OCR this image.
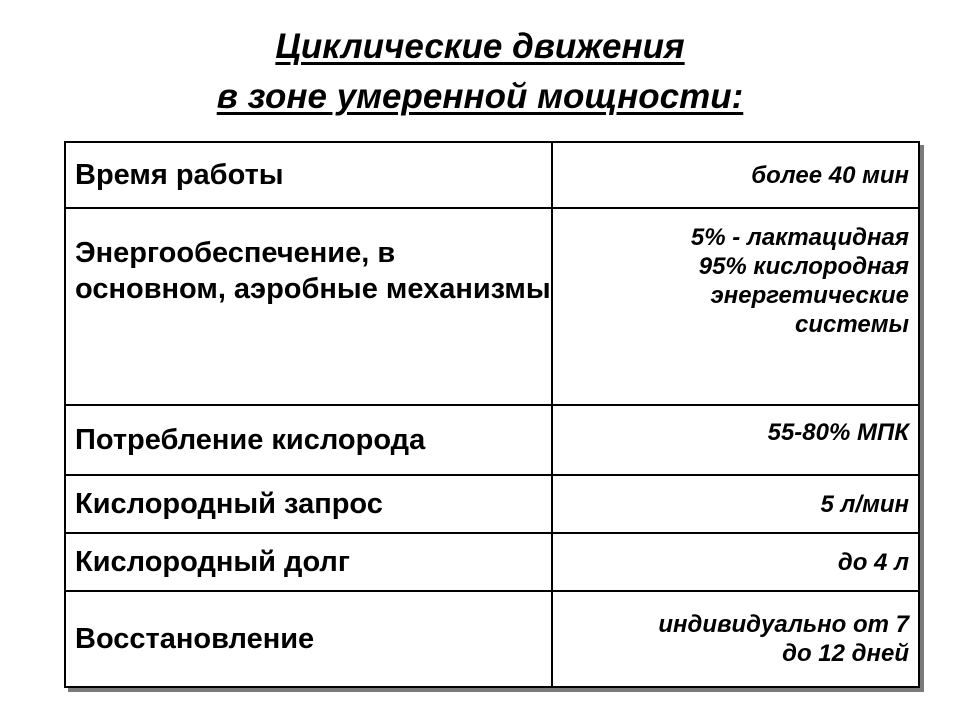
Циклические движения
в зоне умеренной мощности:
Время работы	более 40 мин

Энергообеспечение, в основном, аэробные механизмы	5% - лактацидная
95% кислородная
энергетические
системы

Потребление кислорода	55-80% МПК

Кислородный запрос	5 л/мин

Кислородный долг	до 4 л

Восстановление	индивидуально от 7
до 12 дней
